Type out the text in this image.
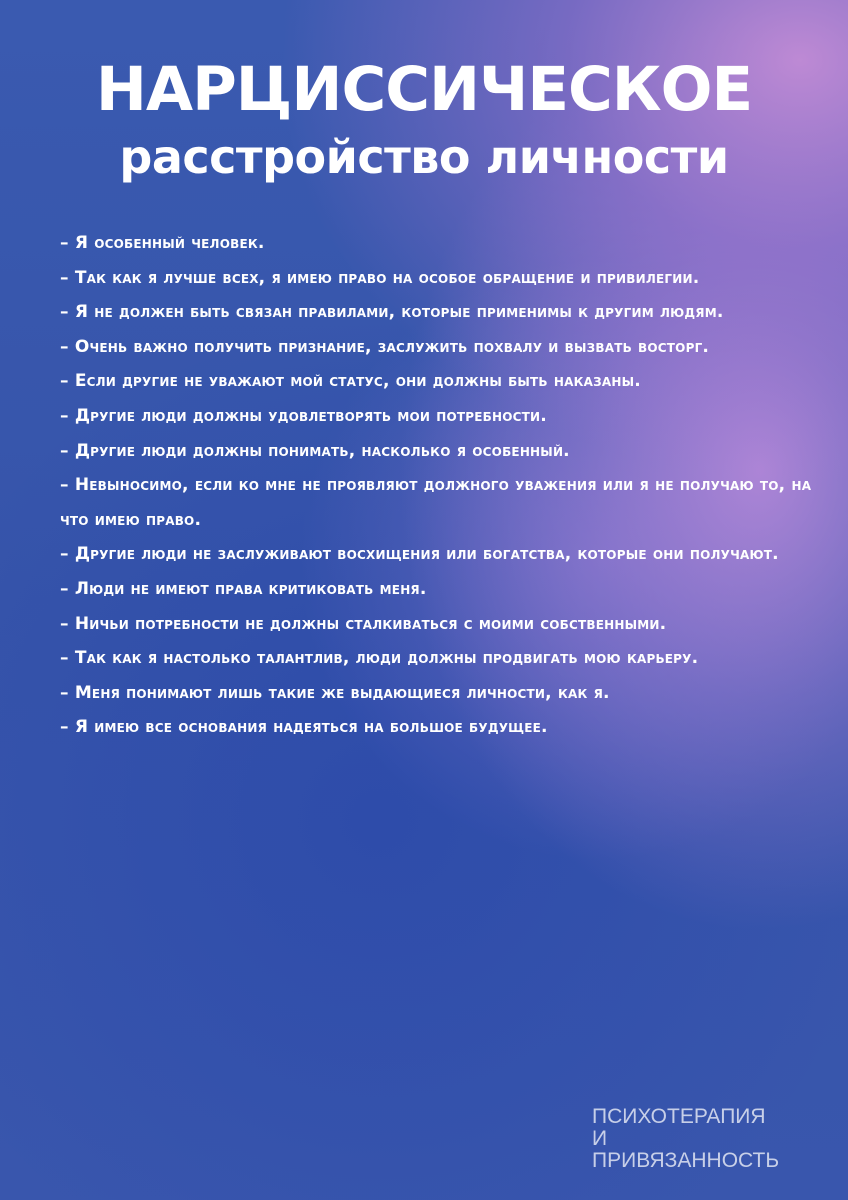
НАРЦИССИЧЕСКОЕ
расстройство личности
– Я особенный человек.
– Так как я лучше всех, я имею право на особое обращение и привилегии.
– Я не должен быть связан правилами, которые применимы к другим людям.
– Очень важно получить признание, заслужить похвалу и вызвать восторг.
– Если другие не уважают мой статус, они должны быть наказаны.
– Другие люди должны удовлетворять мои потребности.
– Другие люди должны понимать, насколько я особенный.
– Невыносимо, если ко мне не проявляют должного уважения или я не получаю то, на что имею право.
– Другие люди не заслуживают восхищения или богатства, которые они получают.
– Люди не имеют права критиковать меня.
– Ничьи потребности не должны сталкиваться с моими собственными.
– Так как я настолько талантлив, люди должны продвигать мою карьеру.
– Меня понимают лишь такие же выдающиеся личности, как я.
– Я имею все основания надеяться на большое будущее.
ПСИХОТЕРАПИЯ
И
ПРИВЯЗАННОСТЬ
